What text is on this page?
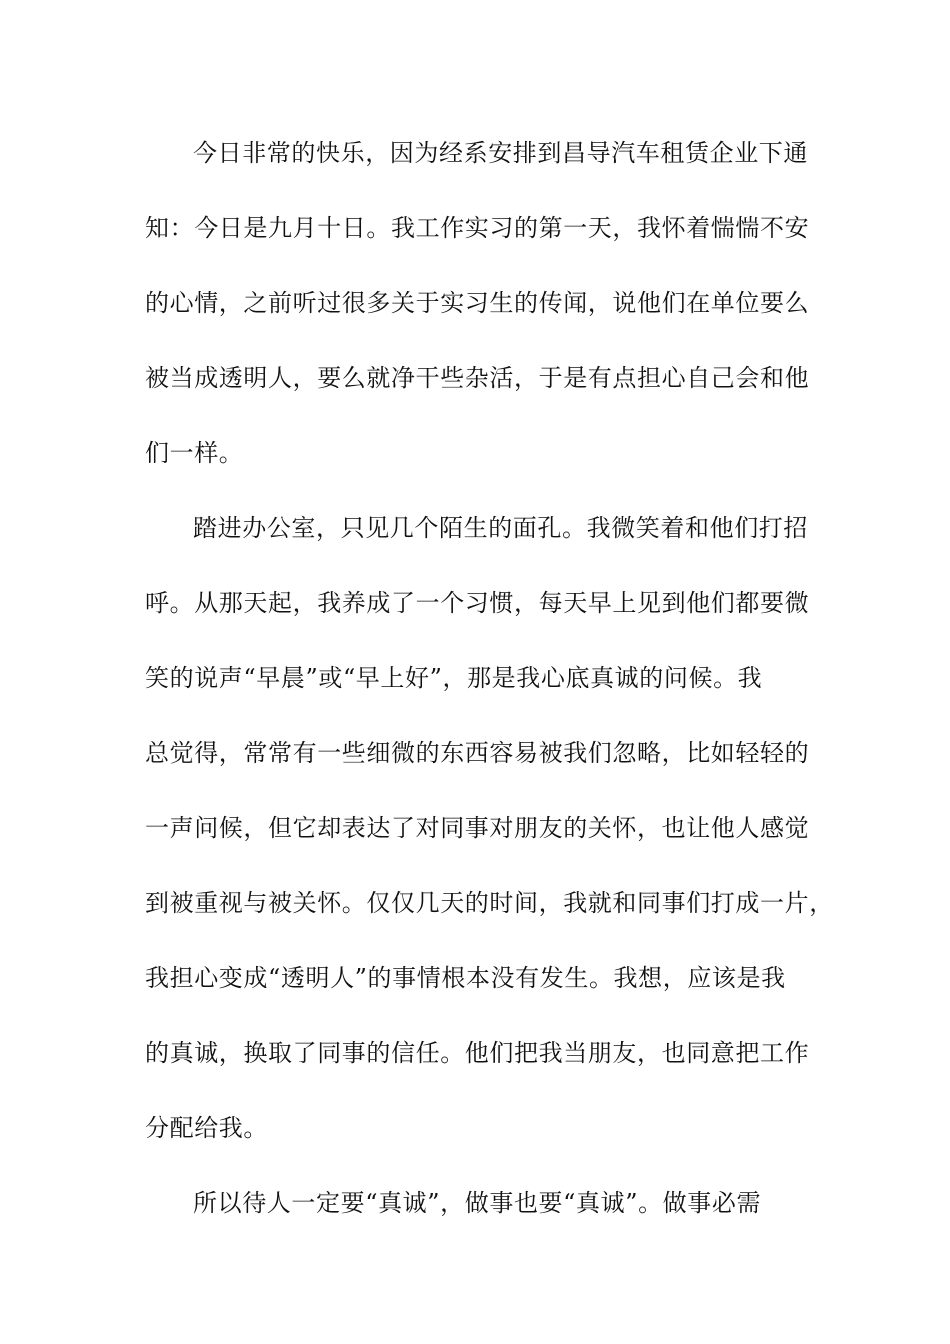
今日非常的快乐，因为经系安排到昌导汽车租赁企业下通
知：今日是九月十日。我工作实习的第一天，我怀着惴惴不安
的心情，之前听过很多关于实习生的传闻，说他们在单位要么
被当成透明人，要么就净干些杂活，于是有点担心自己会和他
们一样。
踏进办公室，只见几个陌生的面孔。我微笑着和他们打招
呼。从那天起，我养成了一个习惯，每天早上见到他们都要微
笑的说声“早晨”或“早上好”，那是我心底真诚的问候。我
总觉得，常常有一些细微的东西容易被我们忽略，比如轻轻的
一声问候，但它却表达了对同事对朋友的关怀，也让他人感觉
到被重视与被关怀。仅仅几天的时间，我就和同事们打成一片，
我担心变成“透明人”的事情根本没有发生。我想，应该是我
的真诚，换取了同事的信任。他们把我当朋友，也同意把工作
分配给我。
所以待人一定要“真诚”，做事也要“真诚”。做事必需
